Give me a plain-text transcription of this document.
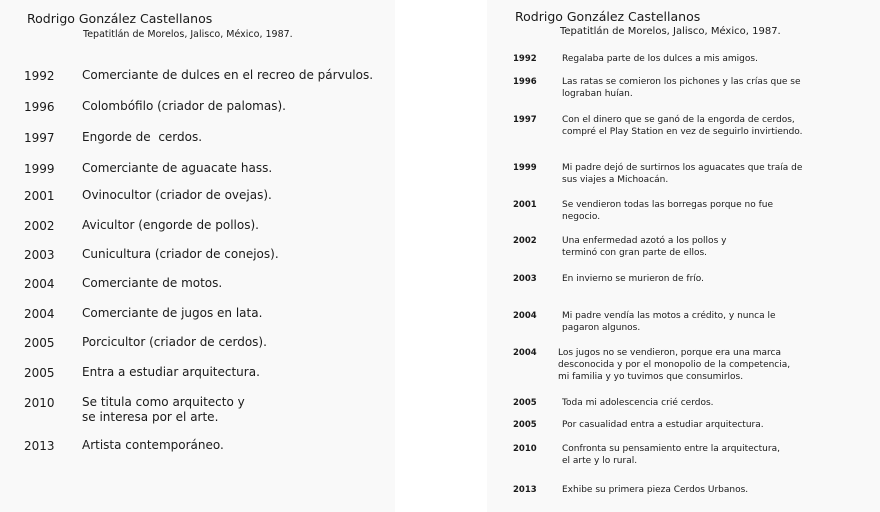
Rodrigo González Castellanos
Tepatitlán de Morelos, Jalisco, México, 1987.
1992 Comerciante de dulces en el recreo de párvulos.
1996 Colombófilo (criador de palomas).
1997 Engorde de  cerdos.
1999 Comerciante de aguacate hass.
2001 Ovinocultor (criador de ovejas).
2002 Avicultor (engorde de pollos).
2003 Cunicultura (criador de conejos).
2004 Comerciante de motos.
2004 Comerciante de jugos en lata.
2005 Porcicultor (criador de cerdos).
2005 Entra a estudiar arquitectura.
2010 Se titula como arquitecto y
se interesa por el arte.
2013 Artista contemporáneo.
Rodrigo González Castellanos
Tepatitlán de Morelos, Jalisco, México, 1987.
1992	Regalaba parte de los dulces a mis amigos.
1996	Las ratas se comieron los pichones y las crías que se
lograban huían.
1997	Con el dinero que se ganó de la engorda de cerdos,
compré el Play Station en vez de seguirlo invirtiendo.
1999	Mi padre dejó de surtirnos los aguacates que traía de
sus viajes a Michoacán.
2001	Se vendieron todas las borregas porque no fue
negocio.
2002	Una enfermedad azotó a los pollos y
terminó con gran parte de ellos.
2003	En invierno se murieron de frío.
2004	Mi padre vendía las motos a crédito, y nunca le
pagaron algunos.
2004 Los jugos no se vendieron, porque era una marca
desconocida y por el monopolio de la competencia,
mi familia y yo tuvimos que consumirlos.
2005	Toda mi adolescencia crié cerdos.
2005	Por casualidad entra a estudiar arquitectura.
2010	Confronta su pensamiento entre la arquitectura,
el arte y lo rural.
2013	Exhibe su primera pieza Cerdos Urbanos.
